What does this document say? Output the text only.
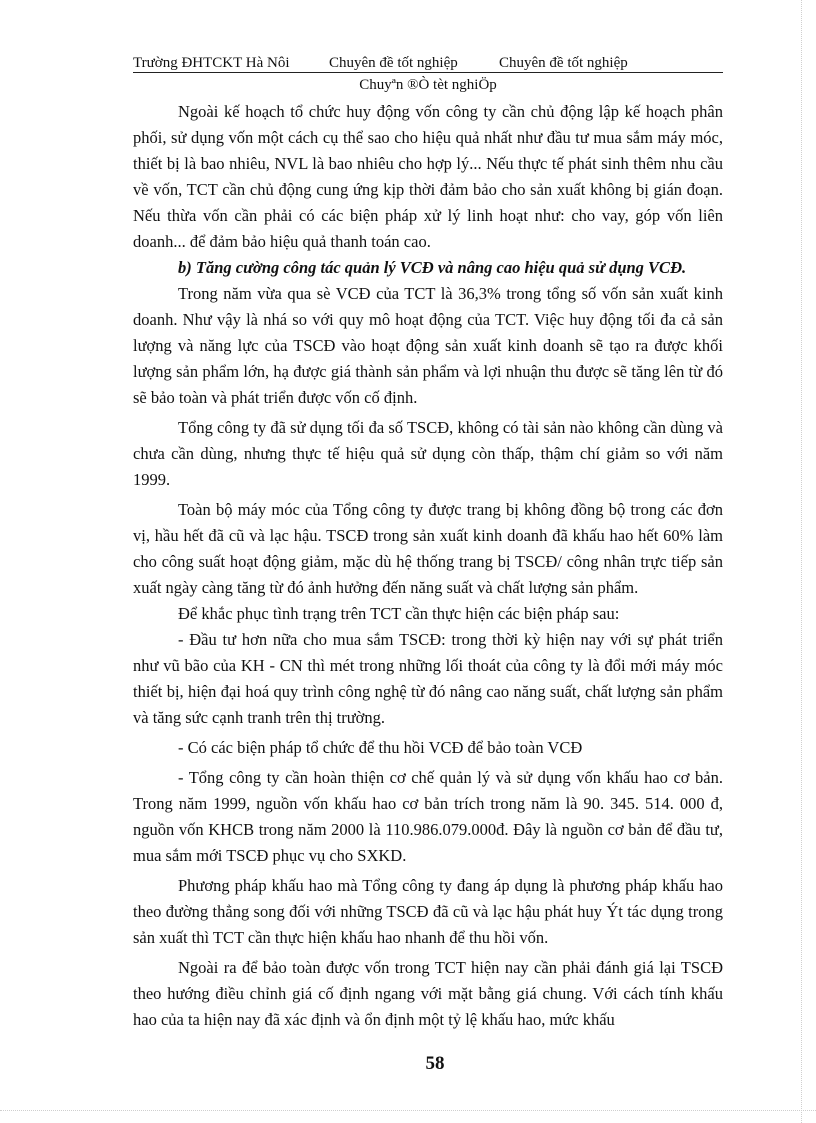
Trường ĐHTCKT Hà Nôi	Chuyên đề tốt nghiệp	Chuyên đề tốt nghiệp
Chuyªn ®Ò tèt nghiÖp

Ngoài kế hoạch tổ chức huy động vốn công ty cần chủ động lập kế hoạch phân phối, sử dụng vốn một cách cụ thể sao cho hiệu quả nhất như đầu tư mua sắm máy móc, thiết bị là bao nhiêu, NVL là bao nhiêu cho hợp lý... Nếu thực tế phát sinh thêm nhu cầu về vốn, TCT cần chủ động cung ứng kịp thời đảm bảo cho sản xuất không bị gián đoạn. Nếu thừa vốn cần phải có các biện pháp xử lý linh hoạt như: cho vay, góp vốn liên doanh... để đảm bảo hiệu quả thanh toán cao.

b) Tăng cường công tác quản lý VCĐ và nâng cao hiệu quả sử dụng VCĐ.

Trong năm vừa qua sè VCĐ của TCT là 36,3% trong tổng số vốn sản xuất kinh doanh. Như vậy là nhá so với quy mô hoạt động của TCT. Việc huy động tối đa cả sản lượng và năng lực của TSCĐ vào hoạt động sản xuất kinh doanh sẽ tạo ra được khối lượng sản phẩm lớn, hạ được giá thành sản phẩm và lợi nhuận thu được sẽ tăng lên từ đó sẽ bảo toàn và phát triển được vốn cố định.

Tổng công ty đã sử dụng tối đa số TSCĐ, không có tài sản nào không cần dùng và chưa cần dùng, nhưng thực tế hiệu quả sử dụng còn thấp, thậm chí giảm so với năm 1999.

Toàn bộ máy móc của Tổng công ty được trang bị không đồng bộ trong các đơn vị, hầu hết đã cũ và lạc hậu. TSCĐ trong sản xuất kinh doanh đã khấu hao hết 60% làm cho công suất hoạt động giảm, mặc dù hệ thống trang bị TSCĐ/ công nhân trực tiếp sản xuất ngày càng tăng từ đó ảnh hưởng đến năng suất và chất lượng sản phẩm.

Để khắc phục tình trạng trên TCT cần thực hiện các biện pháp sau:

- Đầu tư hơn nữa cho mua sắm TSCĐ: trong thời kỳ hiện nay với sự phát triển như vũ bão của KH - CN thì mét trong những lối thoát của công ty là đổi mới máy móc thiết bị, hiện đại hoá quy trình công nghệ từ đó nâng cao năng suất, chất lượng sản phẩm và tăng sức cạnh tranh trên thị trường.

- Có các biện pháp tổ chức để thu hồi VCĐ để bảo toàn VCĐ

- Tổng công ty cần hoàn thiện cơ chế quản lý và sử dụng vốn khấu hao cơ bản. Trong năm 1999, nguồn vốn khấu hao cơ bản trích trong năm là 90. 345. 514. 000 đ, nguồn vốn KHCB trong năm 2000 là 110.986.079.000đ. Đây là nguồn cơ bản để đầu tư, mua sắm mới TSCĐ phục vụ cho SXKD.

Phương pháp khấu hao mà Tổng công ty đang áp dụng là phương pháp khấu hao theo đường thẳng song đối với những TSCĐ đã cũ và lạc hậu phát huy Ýt tác dụng trong sản xuất thì TCT cần thực hiện khấu hao nhanh để thu hồi vốn.

Ngoài ra để bảo toàn được vốn trong TCT hiện nay cần phải đánh giá lại TSCĐ theo hướng điều chỉnh giá cố định ngang với mặt bằng giá chung. Với cách tính khấu hao của ta hiện nay đã xác định và ổn định một tỷ lệ khấu hao, mức khấu

58
